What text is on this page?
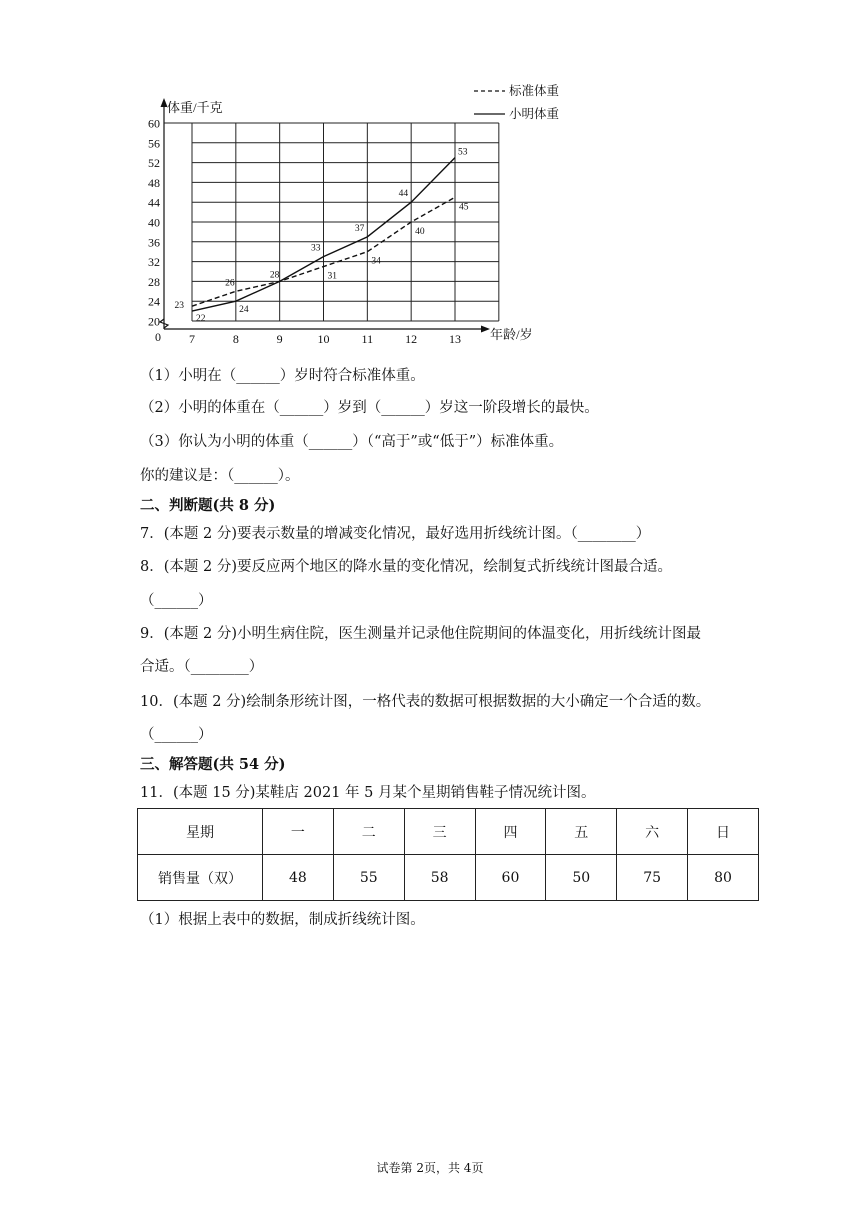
20
24
28
32
36
40
44
48
52
56
60
7	8	9	10	11	12	13
0
体重/千克
年龄/岁
23
26
28	31
34
40
45
22
24
33
37
44
53
标准体重
小明体重
（1）小明在（______）岁时符合标准体重。
（2）小明的体重在（______）岁到（______）岁这一阶段增长的最快。
（3）你认为小明的体重（______）（“高于”或“低于”）标准体重。
你的建议是：（______）。
二、判断题(共 8 分)
7．(本题 2 分)要表示数量的增减变化情况，最好选用折线统计图。（________）
8．(本题 2 分)要反应两个地区的降水量的变化情况，绘制复式折线统计图最合适。
（______）
9．(本题 2 分)小明生病住院，医生测量并记录他住院期间的体温变化，用折线统计图最
合适。（________）
10．(本题 2 分)绘制条形统计图，一格代表的数据可根据数据的大小确定一个合适的数。
（______）
三、解答题(共 54 分)
11．(本题 15 分)某鞋店 2021 年 5 月某个星期销售鞋子情况统计图。
星期	一	二	三	四	五	六	日
销售量（双）	48	55	58	60	50	75	80
（1）根据上表中的数据，制成折线统计图。
试卷第 2页，共 4页
